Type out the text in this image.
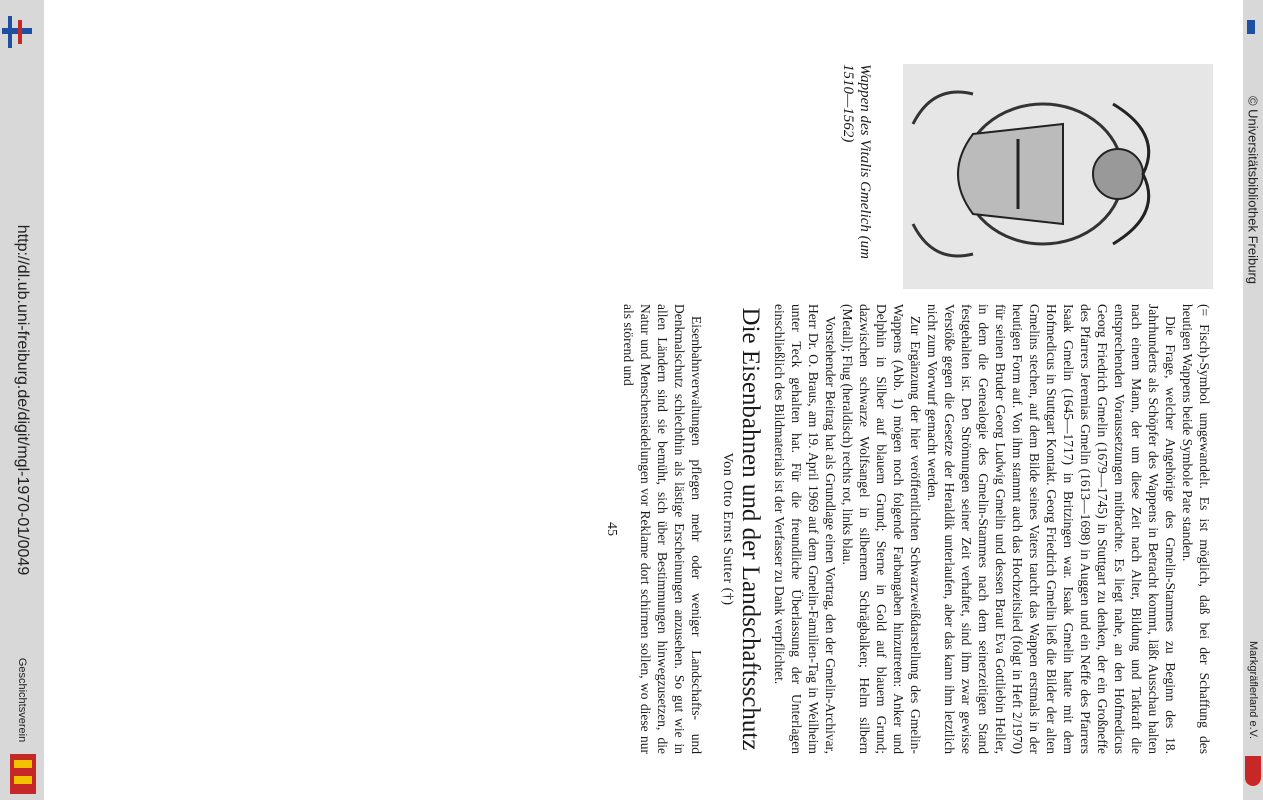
http://dl.ub.uni-freiburg.de/digit/mgl-1970-01/0049
Geschichtsverein
© Universitätsbibliothek Freiburg
Markgräflerland e.V.
Wappen des Vitalis Gmelich (um 1510—1562)

(= Fisch)-Symbol umgewandelt. Es ist möglich, daß bei der Schaffung des heutigen Wappens beide Symbole Pate standen.

Die Frage, welcher Angehörige des Gmelin-Stammes zu Beginn des 18. Jahrhunderts als Schöpfer des Wappens in Betracht kommt, läßt Ausschau halten nach einem Mann, der um diese Zeit nach Alter, Bildung und Tatkraft die entsprechenden Voraussetzungen mitbrachte. Es liegt nahe, an den Hofmedicus Georg Friedrich Gmelin (1679—1745) in Stuttgart zu denken, der ein Großneffe des Pfarrers Jeremias Gmelin (1613—1698) in Auggen und ein Neffe des Pfarrers Isaak Gmelin (1645—1717) in Britzingen war. Isaak Gmelin hatte mit dem Hofmedicus in Stuttgart Kontakt. Georg Friedrich Gmelin ließ die Bilder der alten Gmelins stechen, auf dem Bilde seines Vaters taucht das Wappen erstmals in der heutigen Form auf. Von ihm stammt auch das Hochzeitslied (folgt in Heft 2/1970) für seinen Bruder Georg Ludwig Gmelin und dessen Braut Eva Gottliebin Heller, in dem die Genealogie des Gmelin-Stammes nach dem seinerzeitigen Stand festgehalten ist. Den Strömungen seiner Zeit verhaftet, sind ihm zwar gewisse Verstöße gegen die Gesetze der Heraldik unterlaufen, aber das kann ihm letztlich nicht zum Vorwurf gemacht werden.

Zur Ergänzung der hier veröffentlichten Schwarzweißdarstellung des Gmelin-Wappens (Abb. 1) mögen noch folgende Farbangaben hinzutreten: Anker und Delphin in Silber auf blauem Grund; Sterne in Gold auf blauem Grund; dazwischen schwarze Wolfsangel in silbernem Schrägbalken; Helm silbern (Metall); Flug (heraldisch) rechts rot, links blau.

Vorstehender Beitrag hat als Grundlage einen Vortrag, den der Gmelin-Archivar, Herr Dr. O. Braus, am 19. April 1969 auf dem Gmelin-Familien-Tag in Weilheim unter Teck gehalten hat. Für die freundliche Überlassung der Unterlagen einschließlich des Bildmaterials ist der Verfasser zu Dank verpflichtet.

Die Eisenbahnen und der Landschaftsschutz
Von Otto Ernst Sutter (†)

Eisenbahnverwaltungen pflegen mehr oder weniger Landschafts- und Denkmalschutz schlechthin als lästige Erscheinungen anzusehen. So gut wie in allen Ländern sind sie bemüht, sich über Bestimmungen hinwegzusetzen, die Natur und Menschensiedelungen vor Reklame dort schirmen sollen, wo diese nur als störend und

45
